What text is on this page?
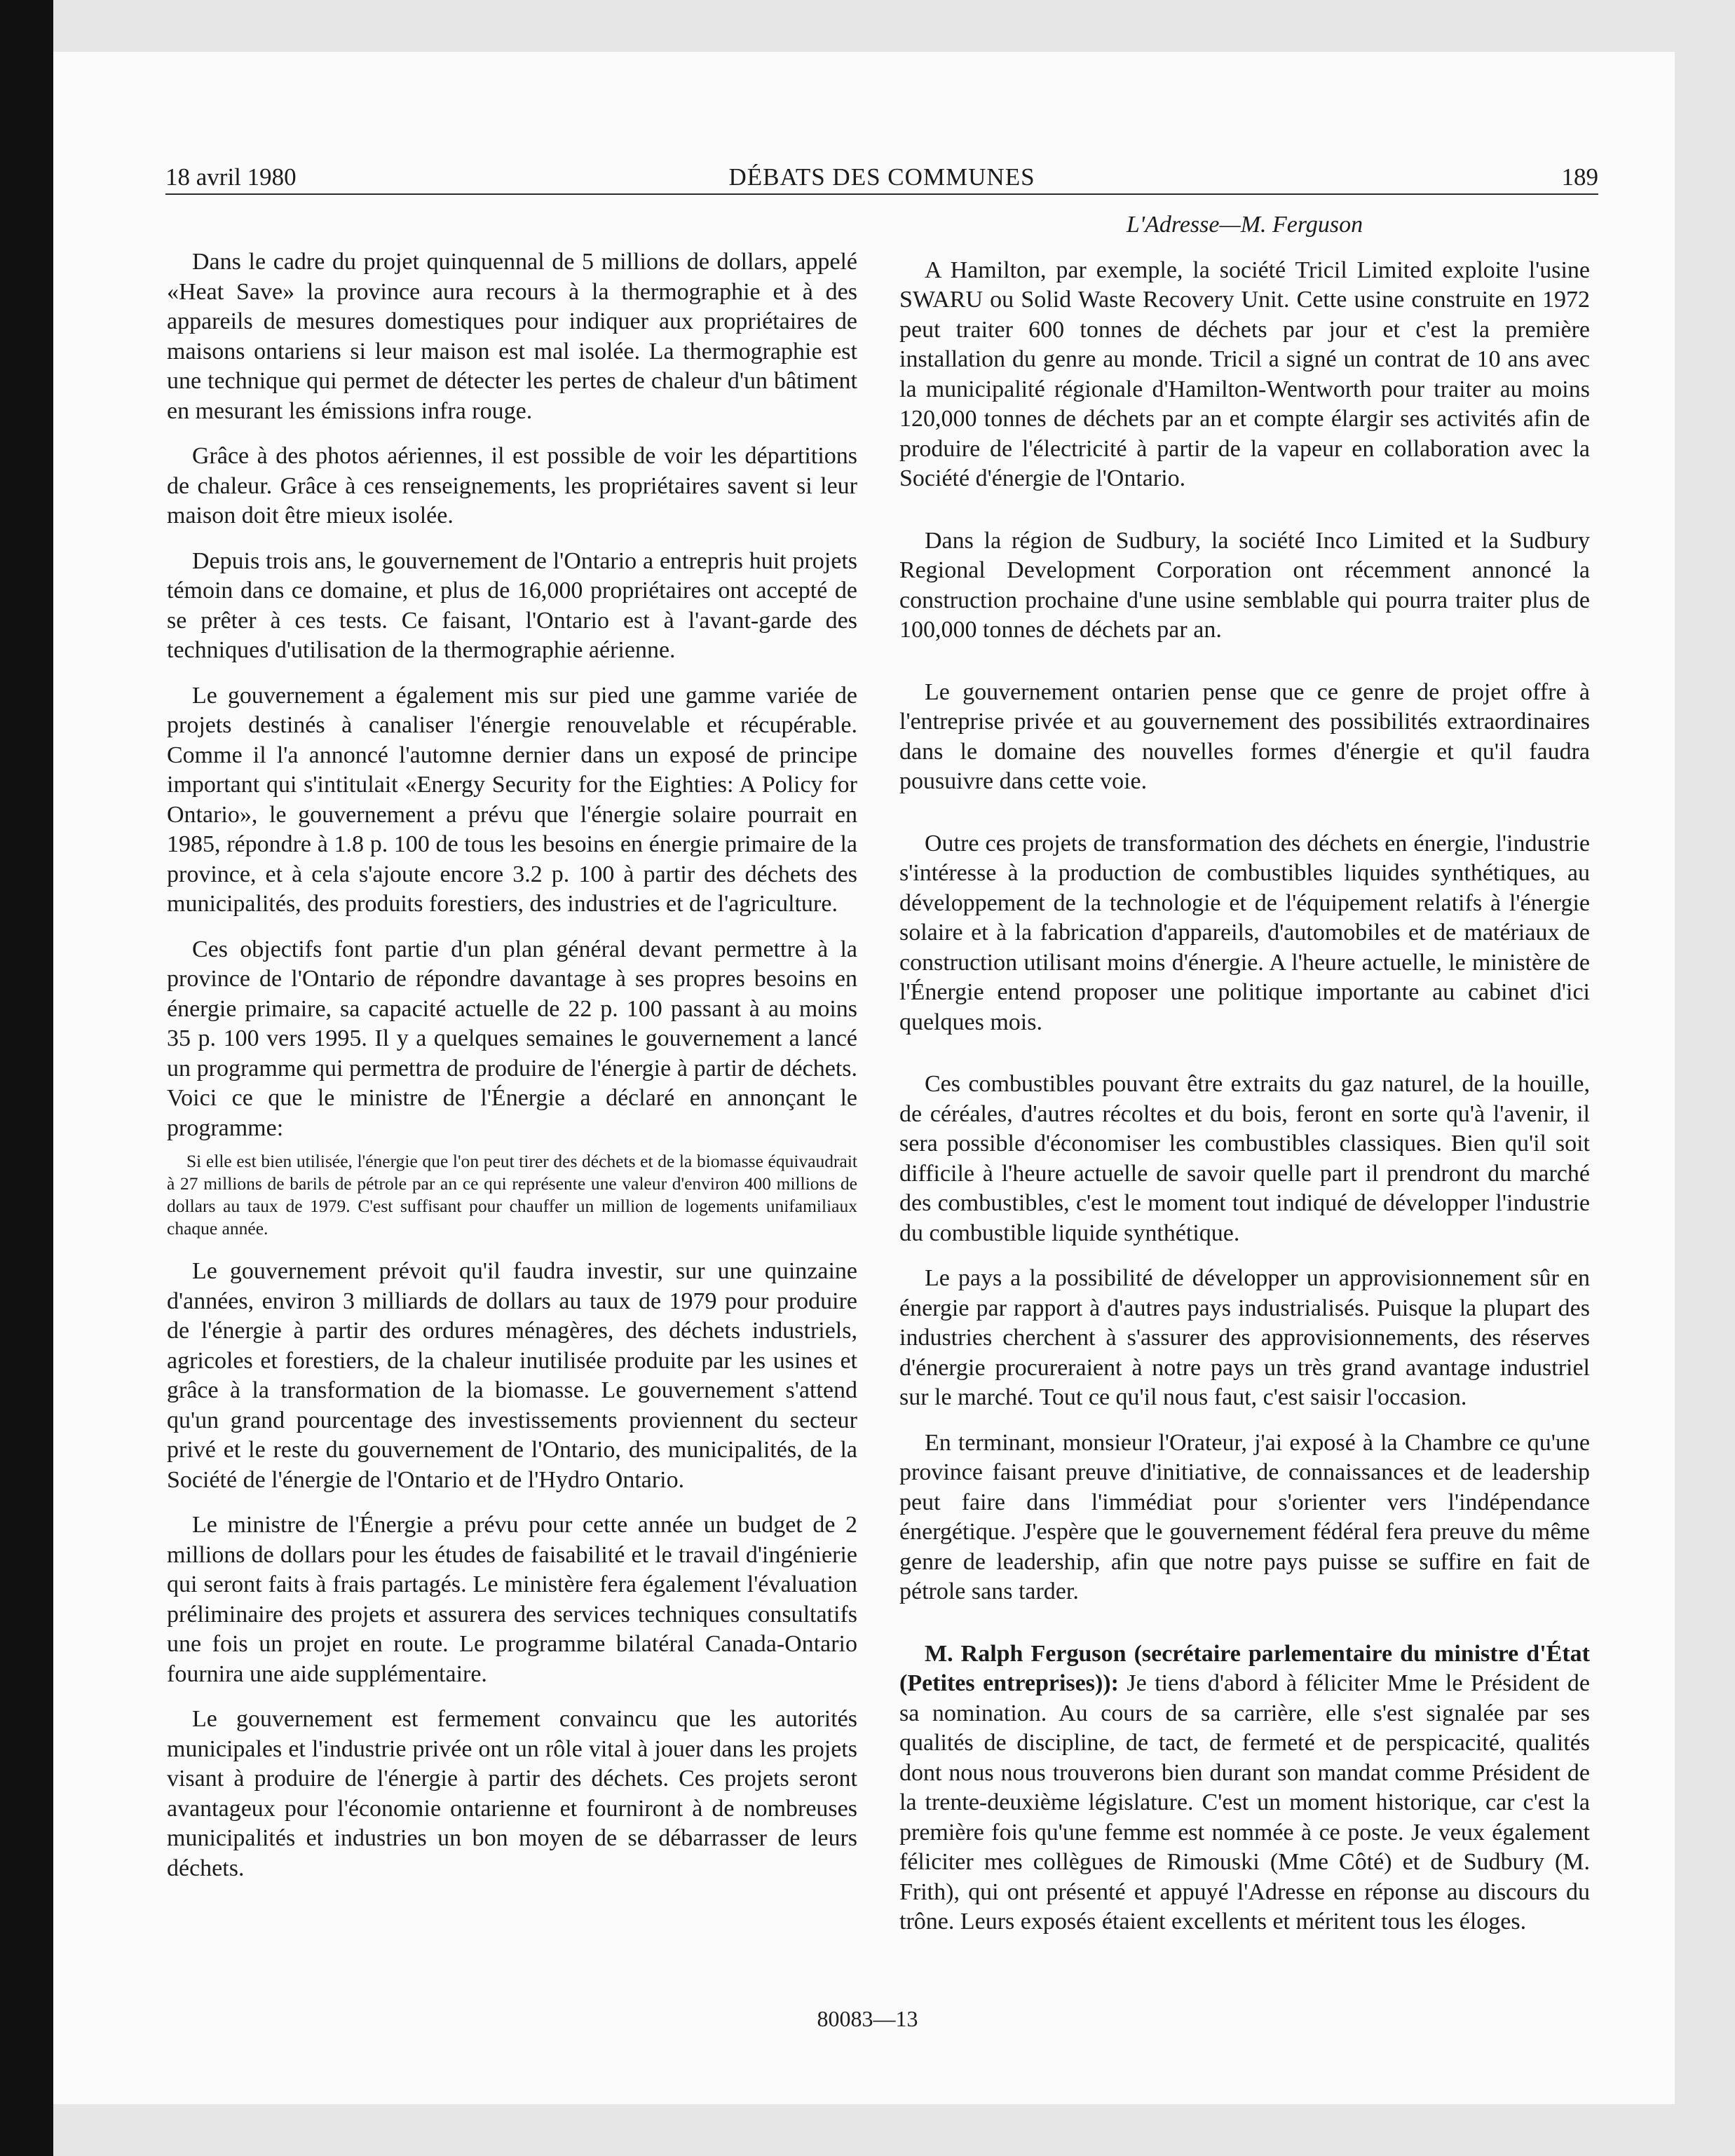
18 avril 1980	DÉBATS DES COMMUNES	189

Dans le cadre du projet quinquennal de 5 millions de dollars, appelé «Heat Save» la province aura recours à la thermographie et à des appareils de mesures domestiques pour indiquer aux propriétaires de maisons ontariens si leur maison est mal isolée. La thermographie est une technique qui permet de détecter les pertes de chaleur d'un bâtiment en mesurant les émissions infra rouge.

Grâce à des photos aériennes, il est possible de voir les départitions de chaleur. Grâce à ces renseignements, les propriétaires savent si leur maison doit être mieux isolée.

Depuis trois ans, le gouvernement de l'Ontario a entrepris huit projets témoin dans ce domaine, et plus de 16,000 propriétaires ont accepté de se prêter à ces tests. Ce faisant, l'Ontario est à l'avant-garde des techniques d'utilisation de la thermographie aérienne.

Le gouvernement a également mis sur pied une gamme variée de projets destinés à canaliser l'énergie renouvelable et récupérable. Comme il l'a annoncé l'automne dernier dans un exposé de principe important qui s'intitulait «Energy Security for the Eighties: A Policy for Ontario», le gouvernement a prévu que l'énergie solaire pourrait en 1985, répondre à 1.8 p. 100 de tous les besoins en énergie primaire de la province, et à cela s'ajoute encore 3.2 p. 100 à partir des déchets des municipalités, des produits forestiers, des industries et de l'agriculture.

Ces objectifs font partie d'un plan général devant permettre à la province de l'Ontario de répondre davantage à ses propres besoins en énergie primaire, sa capacité actuelle de 22 p. 100 passant à au moins 35 p. 100 vers 1995. Il y a quelques semaines le gouvernement a lancé un programme qui permettra de produire de l'énergie à partir de déchets. Voici ce que le ministre de l'Énergie a déclaré en annonçant le programme:

Si elle est bien utilisée, l'énergie que l'on peut tirer des déchets et de la biomasse équivaudrait à 27 millions de barils de pétrole par an ce qui représente une valeur d'environ 400 millions de dollars au taux de 1979. C'est suffisant pour chauffer un million de logements unifamiliaux chaque année.

Le gouvernement prévoit qu'il faudra investir, sur une quinzaine d'années, environ 3 milliards de dollars au taux de 1979 pour produire de l'énergie à partir des ordures ménagères, des déchets industriels, agricoles et forestiers, de la chaleur inutilisée produite par les usines et grâce à la transformation de la biomasse. Le gouvernement s'attend qu'un grand pourcentage des investissements proviennent du secteur privé et le reste du gouvernement de l'Ontario, des municipalités, de la Société de l'énergie de l'Ontario et de l'Hydro Ontario.

Le ministre de l'Énergie a prévu pour cette année un budget de 2 millions de dollars pour les études de faisabilité et le travail d'ingénierie qui seront faits à frais partagés. Le ministère fera également l'évaluation préliminaire des projets et assurera des services techniques consultatifs une fois un projet en route. Le programme bilatéral Canada-Ontario fournira une aide supplémentaire.

Le gouvernement est fermement convaincu que les autorités municipales et l'industrie privée ont un rôle vital à jouer dans les projets visant à produire de l'énergie à partir des déchets. Ces projets seront avantageux pour l'économie ontarienne et fourniront à de nombreuses municipalités et industries un bon moyen de se débarrasser de leurs déchets.

L'Adresse—M. Ferguson

A Hamilton, par exemple, la société Tricil Limited exploite l'usine SWARU ou Solid Waste Recovery Unit. Cette usine construite en 1972 peut traiter 600 tonnes de déchets par jour et c'est la première installation du genre au monde. Tricil a signé un contrat de 10 ans avec la municipalité régionale d'Hamilton-Wentworth pour traiter au moins 120,000 tonnes de déchets par an et compte élargir ses activités afin de produire de l'électricité à partir de la vapeur en collaboration avec la Société d'énergie de l'Ontario.

Dans la région de Sudbury, la société Inco Limited et la Sudbury Regional Development Corporation ont récemment annoncé la construction prochaine d'une usine semblable qui pourra traiter plus de 100,000 tonnes de déchets par an.

Le gouvernement ontarien pense que ce genre de projet offre à l'entreprise privée et au gouvernement des possibilités extraordinaires dans le domaine des nouvelles formes d'énergie et qu'il faudra pousuivre dans cette voie.

Outre ces projets de transformation des déchets en énergie, l'industrie s'intéresse à la production de combustibles liquides synthétiques, au développement de la technologie et de l'équipement relatifs à l'énergie solaire et à la fabrication d'appareils, d'automobiles et de matériaux de construction utilisant moins d'énergie. A l'heure actuelle, le ministère de l'Énergie entend proposer une politique importante au cabinet d'ici quelques mois.

Ces combustibles pouvant être extraits du gaz naturel, de la houille, de céréales, d'autres récoltes et du bois, feront en sorte qu'à l'avenir, il sera possible d'économiser les combustibles classiques. Bien qu'il soit difficile à l'heure actuelle de savoir quelle part il prendront du marché des combustibles, c'est le moment tout indiqué de développer l'industrie du combustible liquide synthétique.

Le pays a la possibilité de développer un approvisionnement sûr en énergie par rapport à d'autres pays industrialisés. Puisque la plupart des industries cherchent à s'assurer des approvisionnements, des réserves d'énergie procureraient à notre pays un très grand avantage industriel sur le marché. Tout ce qu'il nous faut, c'est saisir l'occasion.

En terminant, monsieur l'Orateur, j'ai exposé à la Chambre ce qu'une province faisant preuve d'initiative, de connaissances et de leadership peut faire dans l'immédiat pour s'orienter vers l'indépendance énergétique. J'espère que le gouvernement fédéral fera preuve du même genre de leadership, afin que notre pays puisse se suffire en fait de pétrole sans tarder.

M. Ralph Ferguson (secrétaire parlementaire du ministre d'État (Petites entreprises)): Je tiens d'abord à féliciter Mme le Président de sa nomination. Au cours de sa carrière, elle s'est signalée par ses qualités de discipline, de tact, de fermeté et de perspicacité, qualités dont nous nous trouverons bien durant son mandat comme Président de la trente-deuxième législature. C'est un moment historique, car c'est la première fois qu'une femme est nommée à ce poste. Je veux également féliciter mes collègues de Rimouski (Mme Côté) et de Sudbury (M. Frith), qui ont présenté et appuyé l'Adresse en réponse au discours du trône. Leurs exposés étaient excellents et méritent tous les éloges.

80083—13
